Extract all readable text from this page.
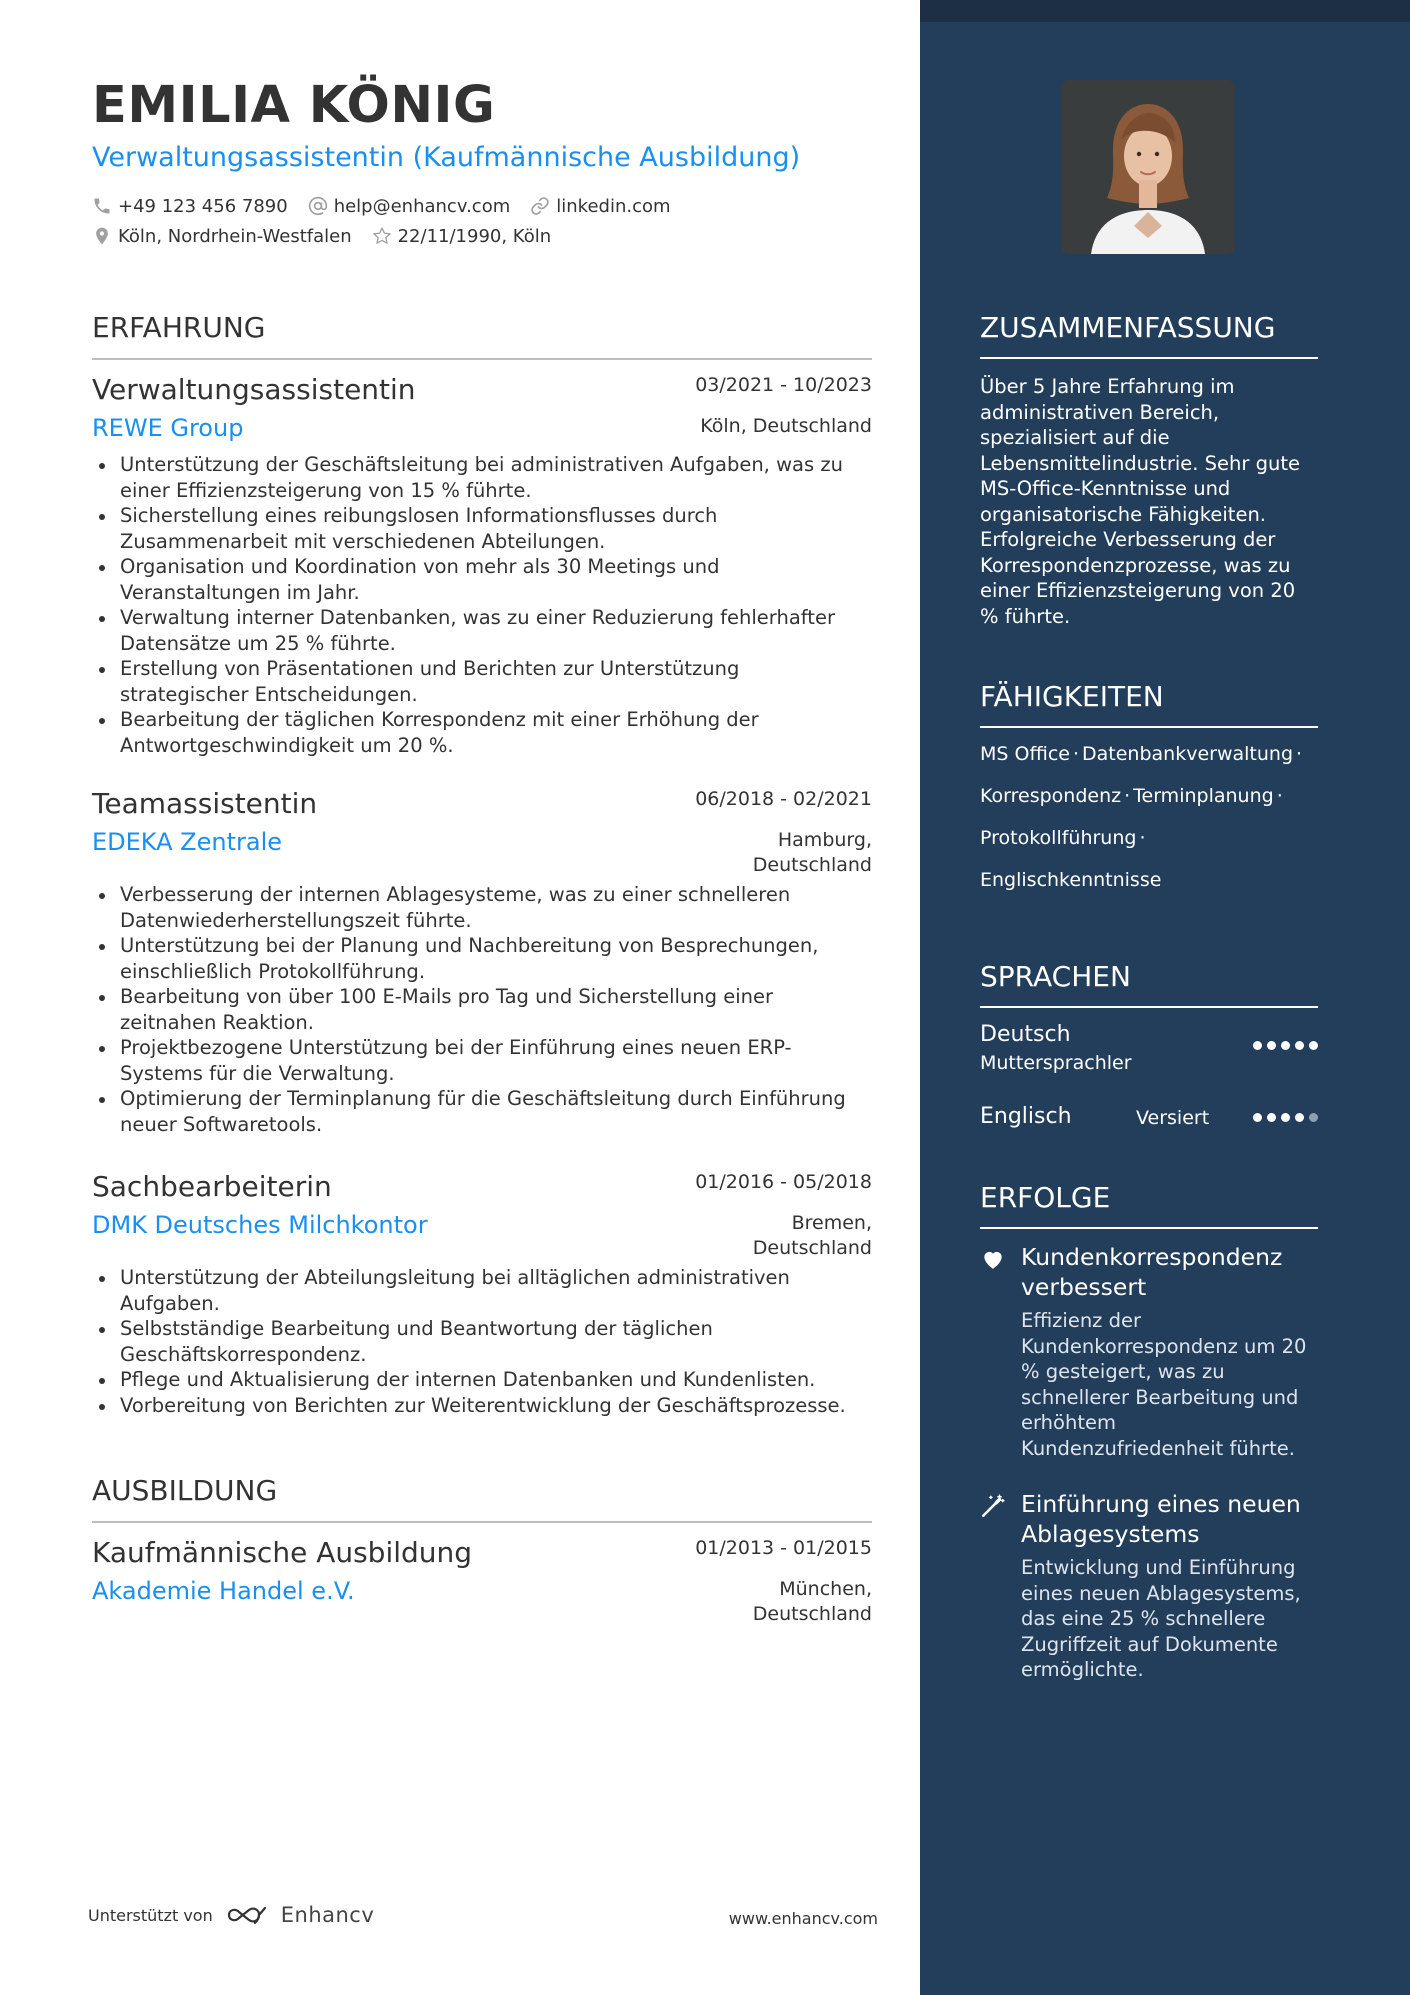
EMILIA KÖNIG
Verwaltungsassistentin (Kaufmännische Ausbildung)
+49 123 456 7890	help@enhancv.com	linkedin.com
Köln, Nordrhein-Westfalen	22/11/1990, Köln
ERFAHRUNG
Verwaltungsassistentin	03/2021 - 10/2023
REWE Group	Köln, Deutschland
Unterstützung der Geschäftsleitung bei administrativen Aufgaben, was zu einer Effizienzsteigerung von 15 % führte.
Sicherstellung eines reibungslosen Informationsflusses durch Zusammenarbeit mit verschiedenen Abteilungen.
Organisation und Koordination von mehr als 30 Meetings und Veranstaltungen im Jahr.
Verwaltung interner Datenbanken, was zu einer Reduzierung fehlerhafter Datensätze um 25 % führte.
Erstellung von Präsentationen und Berichten zur Unterstützung strategischer Entscheidungen.
Bearbeitung der täglichen Korrespondenz mit einer Erhöhung der Antwortgeschwindigkeit um 20 %.
Teamassistentin	06/2018 - 02/2021
EDEKA Zentrale	Hamburg, Deutschland
Verbesserung der internen Ablagesysteme, was zu einer schnelleren Datenwiederherstellungszeit führte.
Unterstützung bei der Planung und Nachbereitung von Besprechungen, einschließlich Protokollführung.
Bearbeitung von über 100 E-Mails pro Tag und Sicherstellung einer zeitnahen Reaktion.
Projektbezogene Unterstützung bei der Einführung eines neuen ERP-Systems für die Verwaltung.
Optimierung der Terminplanung für die Geschäftsleitung durch Einführung neuer Softwaretools.
Sachbearbeiterin	01/2016 - 05/2018
DMK Deutsches Milchkontor	Bremen, Deutschland
Unterstützung der Abteilungsleitung bei alltäglichen administrativen Aufgaben.
Selbstständige Bearbeitung und Beantwortung der täglichen Geschäftskorrespondenz.
Pflege und Aktualisierung der internen Datenbanken und Kundenlisten.
Vorbereitung von Berichten zur Weiterentwicklung der Geschäftsprozesse.
AUSBILDUNG
Kaufmännische Ausbildung	01/2013 - 01/2015
Akademie Handel e.V.	München, Deutschland
Unterstützt von	Enhancv	www.enhancv.com
ZUSAMMENFASSUNG
Über 5 Jahre Erfahrung im administrativen Bereich, spezialisiert auf die Lebensmittelindustrie. Sehr gute MS-Office-Kenntnisse und organisatorische Fähigkeiten. Erfolgreiche Verbesserung der Korrespondenzprozesse, was zu einer Effizienzsteigerung von 20 % führte.
FÄHIGKEITEN
MS Office · Datenbankverwaltung ·
Korrespondenz · Terminplanung ·
Protokollführung ·
Englischkenntnisse
SPRACHEN
Deutsch
Muttersprachler
Englisch	Versiert
ERFOLGE
Kundenkorrespondenz verbessert
Effizienz der Kundenkorrespondenz um 20 % gesteigert, was zu schnellerer Bearbeitung und erhöhtem Kundenzufriedenheit führte.
Einführung eines neuen Ablagesystems
Entwicklung und Einführung eines neuen Ablagesystems, das eine 25 % schnellere Zugriffzeit auf Dokumente ermöglichte.
